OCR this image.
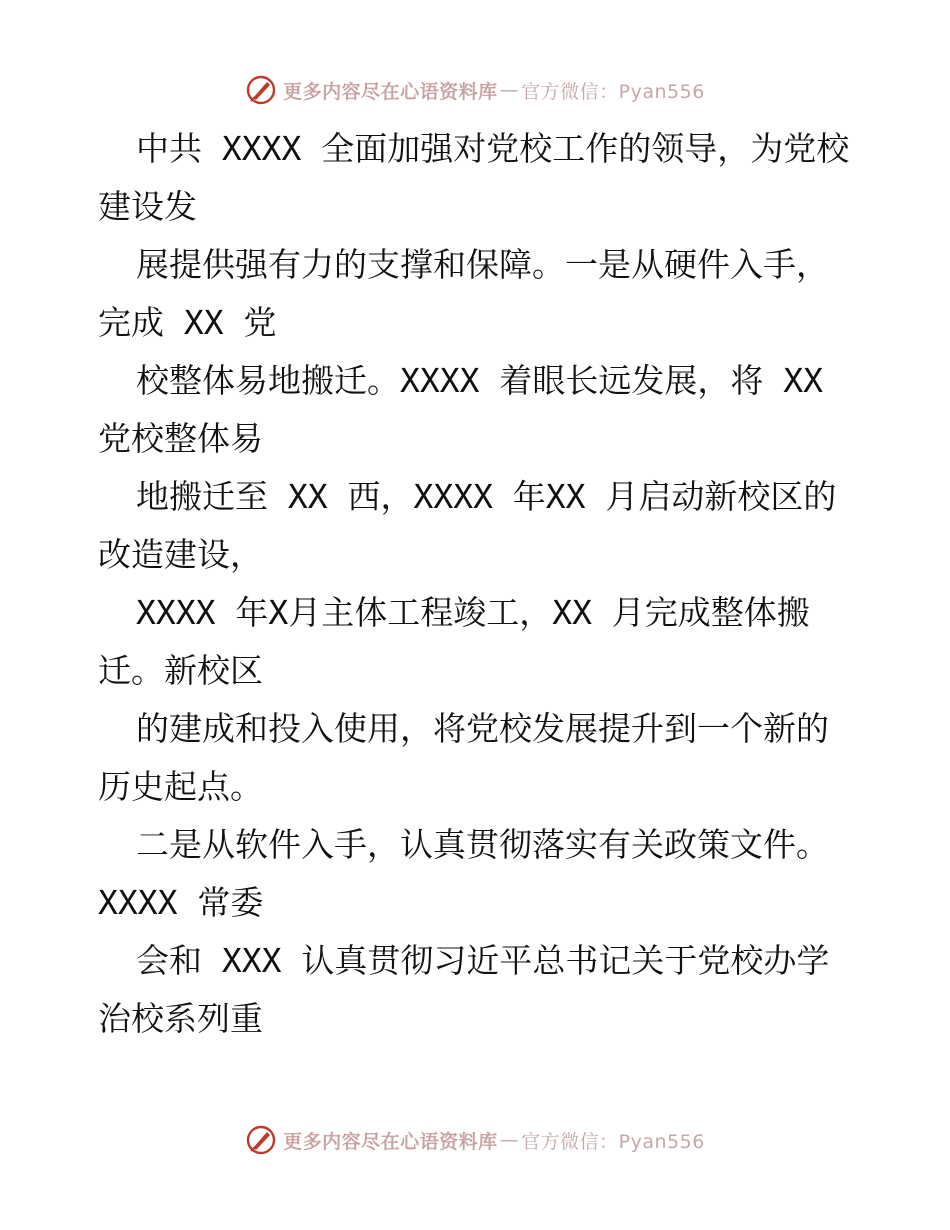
更多内容尽在心语资料库 — 官方微信：Pyan556
中共 XXXX 全面加强对党校工作的领导，为党校
建设发
展提供强有力的支撑和保障。一是从硬件入手，
完成 XX 党
校整体易地搬迁。XXXX 着眼长远发展，将 XX
党校整体易
地搬迁至 XX 西，XXXX 年XX 月启动新校区的
改造建设，
XXXX 年X月主体工程竣工，XX 月完成整体搬
迁。新校区
的建成和投入使用，将党校发展提升到一个新的
历史起点。
二是从软件入手，认真贯彻落实有关政策文件。
XXXX 常委
会和 XXX 认真贯彻习近平总书记关于党校办学
治校系列重
更多内容尽在心语资料库 — 官方微信：Pyan556
